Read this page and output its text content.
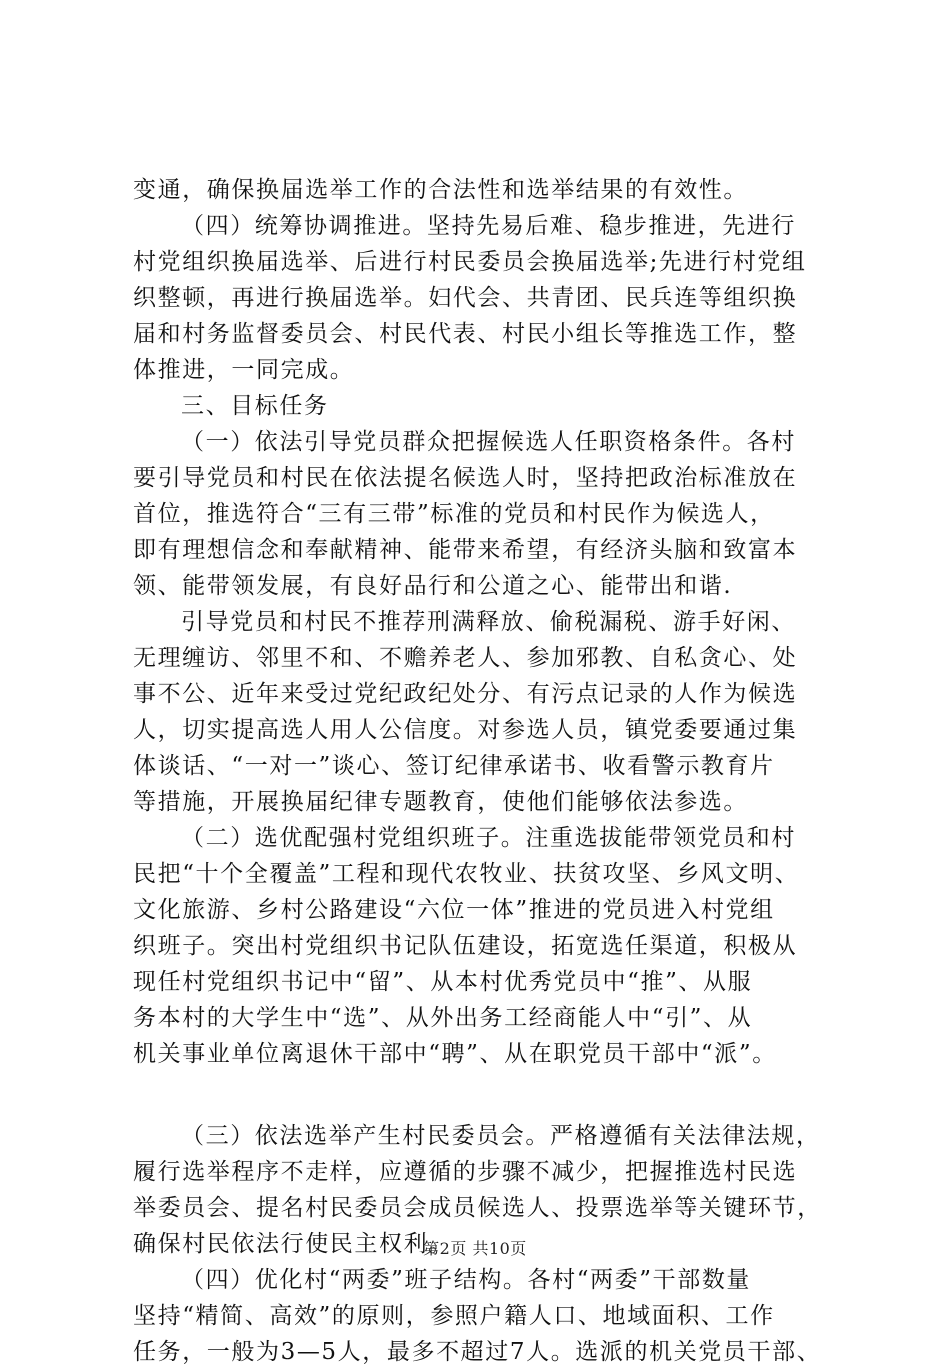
变通，确保换届选举工作的合法性和选举结果的有效性。
（四）统筹协调推进。坚持先易后难、稳步推进，先进行
村党组织换届选举、后进行村民委员会换届选举;先进行村党组
织整顿，再进行换届选举。妇代会、共青团、民兵连等组织换
届和村务监督委员会、村民代表、村民小组长等推选工作，整
体推进，一同完成。
三、目标任务
（一）依法引导党员群众把握候选人任职资格条件。各村
要引导党员和村民在依法提名候选人时，坚持把政治标准放在
首位，推选符合“三有三带”标准的党员和村民作为候选人，
即有理想信念和奉献精神、能带来希望，有经济头脑和致富本
领、能带领发展，有良好品行和公道之心、能带出和谐.
引导党员和村民不推荐刑满释放、偷税漏税、游手好闲、
无理缠访、邻里不和、不赡养老人、参加邪教、自私贪心、处
事不公、近年来受过党纪政纪处分、有污点记录的人作为候选
人，切实提高选人用人公信度。对参选人员，镇党委要通过集
体谈话、“一对一”谈心、签订纪律承诺书、收看警示教育片
等措施，开展换届纪律专题教育，使他们能够依法参选。
（二）选优配强村党组织班子。注重选拔能带领党员和村
民把“十个全覆盖”工程和现代农牧业、扶贫攻坚、乡风文明、
文化旅游、乡村公路建设“六位一体”推进的党员进入村党组
织班子。突出村党组织书记队伍建设，拓宽选任渠道，积极从
现任村党组织书记中“留”、从本村优秀党员中“推”、从服
务本村的大学生中“选”、从外出务工经商能人中“引”、从
机关事业单位离退休干部中“聘”、从在职党员干部中“派”。
（三）依法选举产生村民委员会。严格遵循有关法律法规，
履行选举程序不走样，应遵循的步骤不减少，把握推选村民选
举委员会、提名村民委员会成员候选人、投票选举等关键环节，
确保村民依法行使民主权利。
（四）优化村“两委”班子结构。各村“两委”干部数量
坚持“精简、高效”的原则，参照户籍人口、地域面积、工作
任务，一般为3—5人，最多不超过7人。选派的机关党员干部、
第2页 共10页
